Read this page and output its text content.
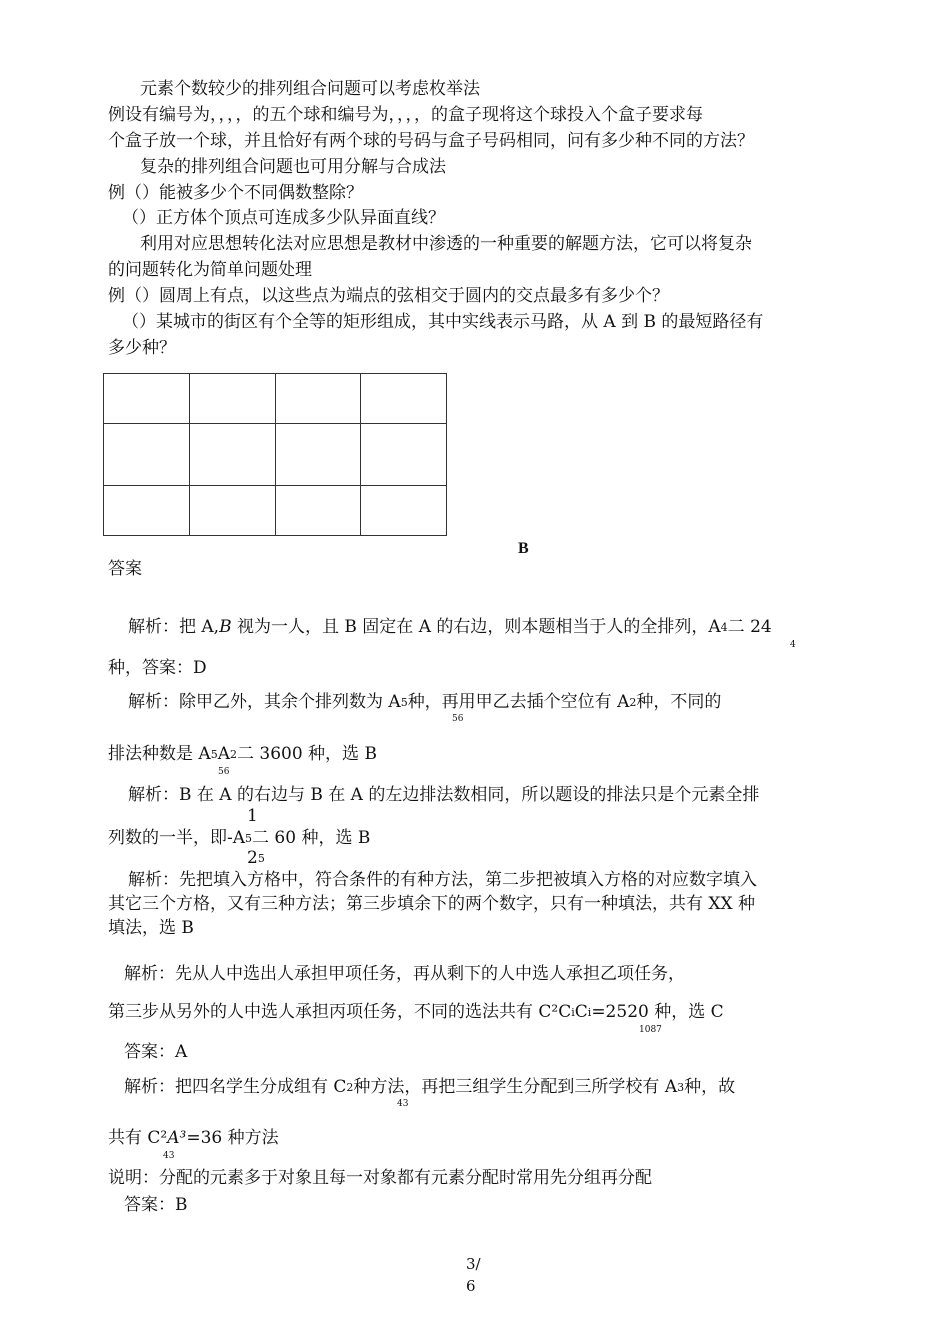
元素个数较少的排列组合问题可以考虑枚举法
例设有编号为，，，，的五个球和编号为，，，，的盒子现将这个球投入个盒子要求每
个盒子放一个球，并且恰好有两个球的号码与盒子号码相同，问有多少种不同的方法？
复杂的排列组合问题也可用分解与合成法
例（）能被多少个不同偶数整除？
（）正方体个顶点可连成多少队异面直线？
利用对应思想转化法对应思想是教材中渗透的一种重要的解题方法，它可以将复杂
的问题转化为简单问题处理
例（）圆周上有点，以这些点为端点的弦相交于圆内的交点最多有多少个？
（）某城市的街区有个全等的矩形组成，其中实线表示马路，从 A 到 B 的最短路径有
多少种？

B
答案
解析：把 A,B 视为一人，且 B 固定在 A 的右边，则本题相当于人的全排列，A4⼆ 24
4
种，答案：D
解析：除甲乙外，其余个排列数为 A5种，再用甲乙去插个空位有 A2种，不同的
56
排法种数是 A5A2⼆ 3600 种，选 B
56
解析：B 在 A 的右边与 B 在 A 的左边排法数相同，所以题设的排法只是个元素全排
1
列数的一半，即-A5⼆ 60 种，选 B
25
解析：先把填入方格中，符合条件的有种方法，第二步把被填入方格的对应数字填入
其它三个方格，又有三种方法；第三步填余下的两个数字，只有一种填法，共有 XX 种
填法，选 B
解析：先从人中选出人承担甲项任务，再从剩下的人中选人承担乙项任务，
第三步从另外的人中选人承担丙项任务，不同的选法共有 C²CiCi=2520 种，选 C
1087
答案：A
解析：把四名学生分成组有 C2种方法，再把三组学生分配到三所学校有 A3种，故
43
共有 C²A³=36 种方法
43
说明：分配的元素多于对象且每一对象都有元素分配时常用先分组再分配
答案：B
3/
6
